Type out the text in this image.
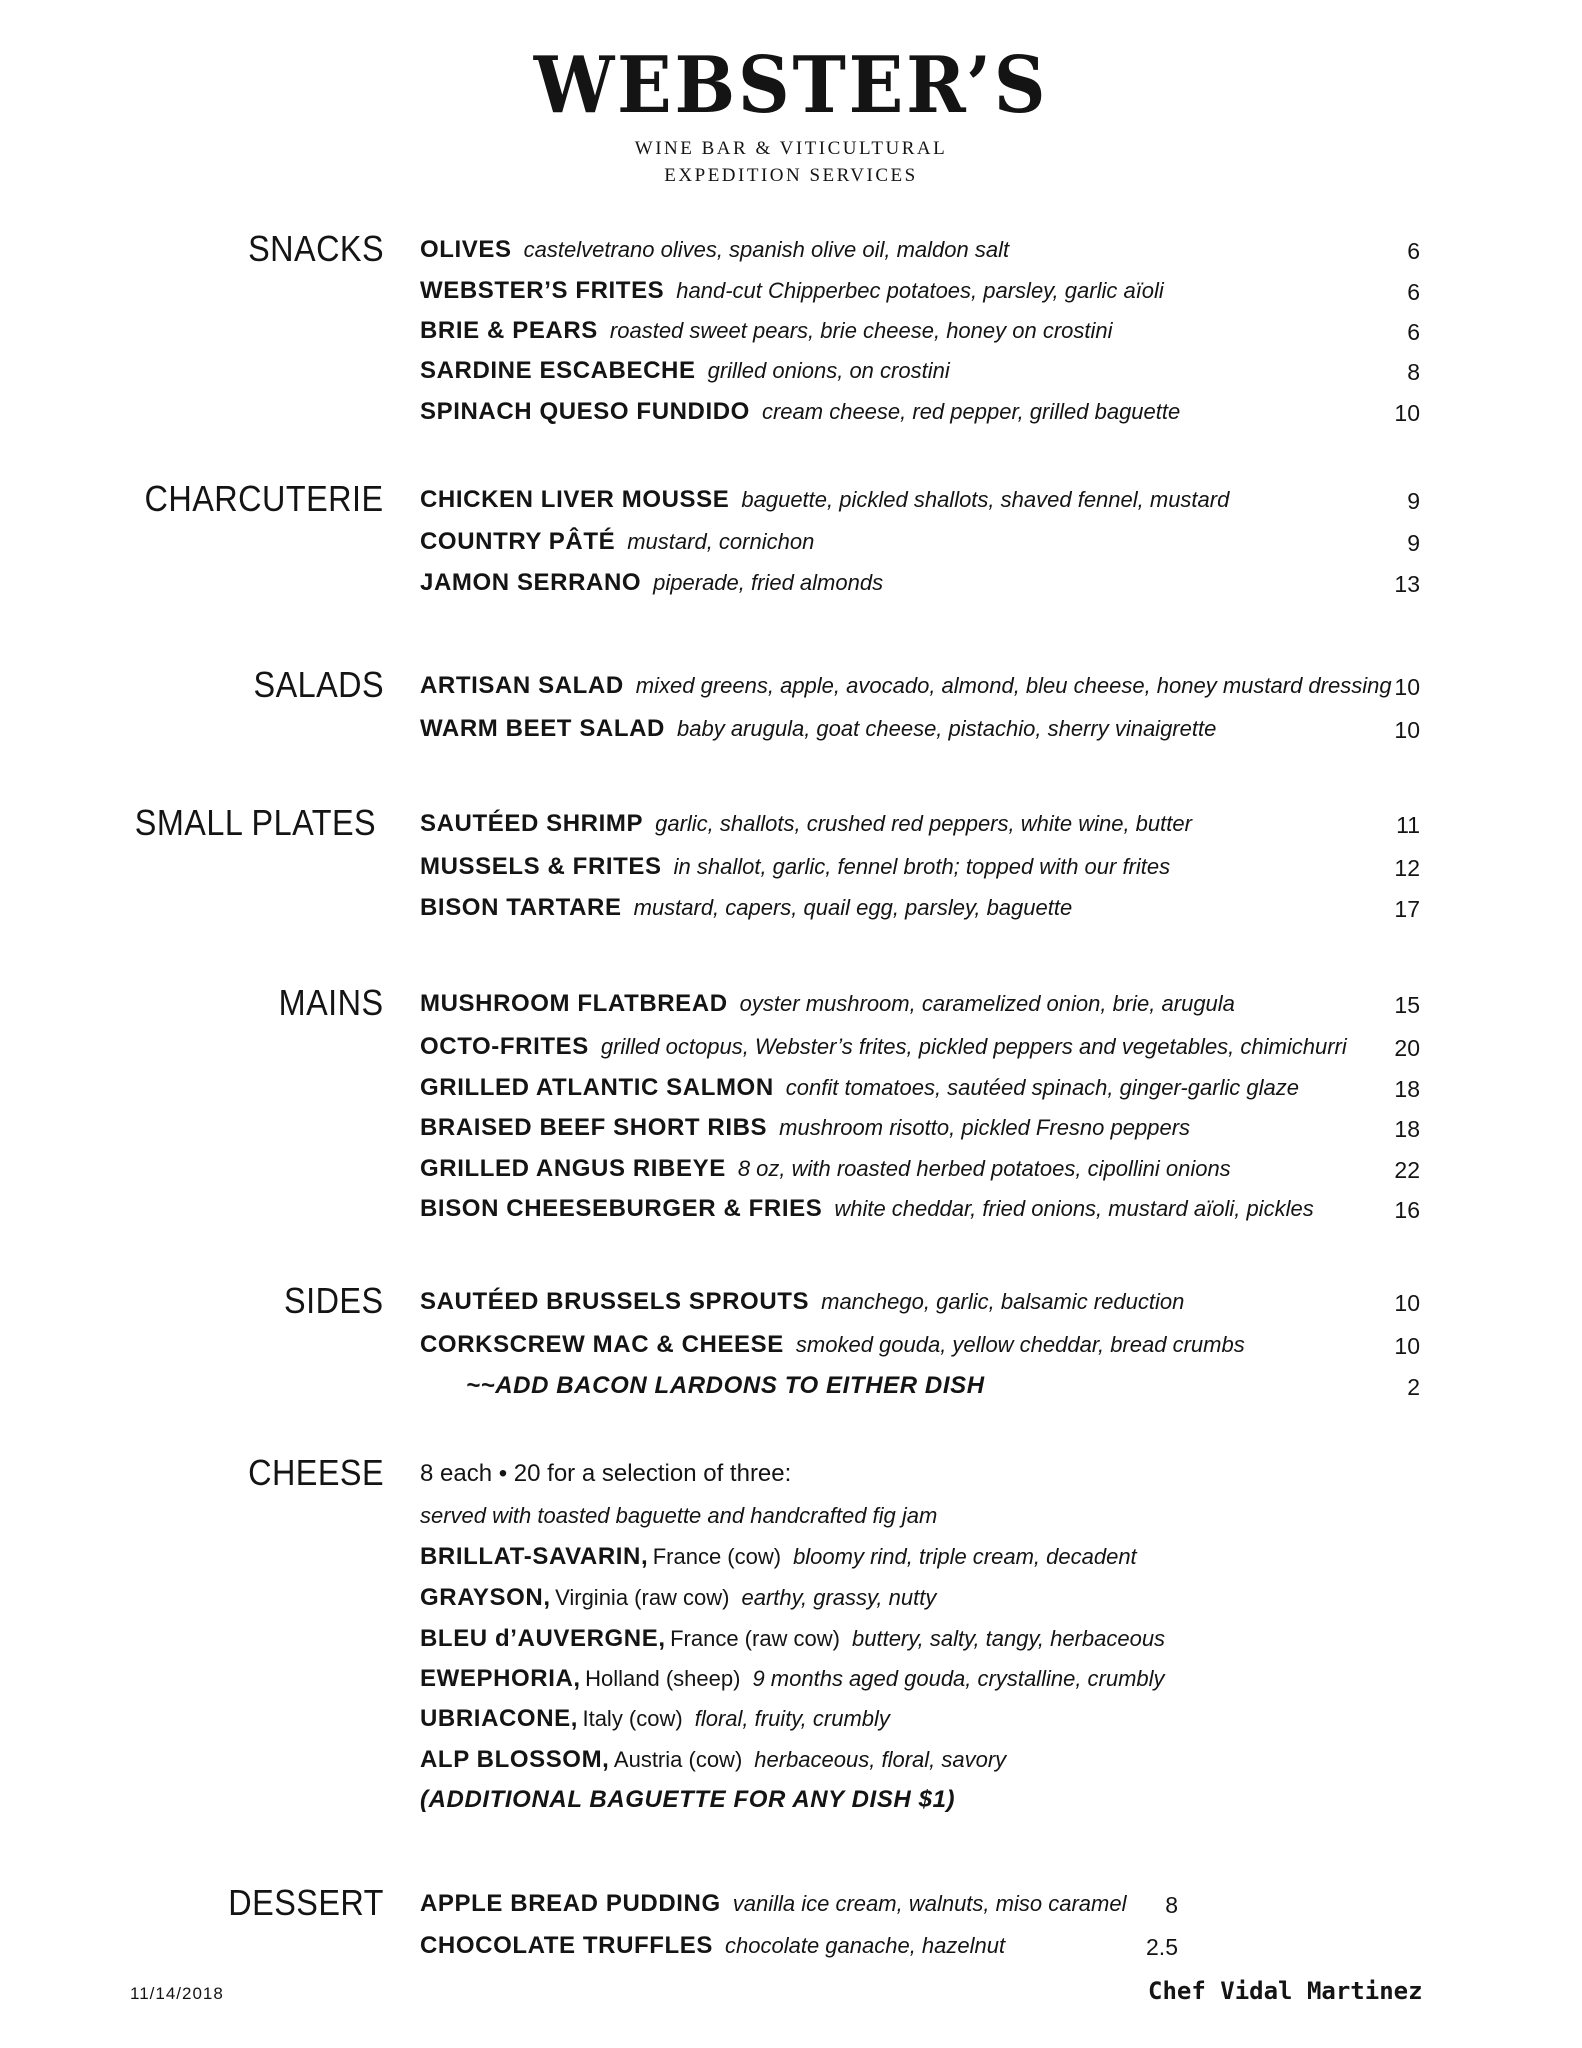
WEBSTER’S
WINE BAR & VITICULTURAL
EXPEDITION SERVICES
SNACKS OLIVES castelvetrano olives, spanish olive oil, maldon salt	6
WEBSTER’S FRITES hand-cut Chipperbec potatoes, parsley, garlic aïoli	6
BRIE & PEARS roasted sweet pears, brie cheese, honey on crostini	6
SARDINE ESCABECHE grilled onions, on crostini	8
SPINACH QUESO FUNDIDO cream cheese, red pepper, grilled baguette	10
CHARCUTERIE CHICKEN LIVER MOUSSE baguette, pickled shallots, shaved fennel, mustard	9
COUNTRY PÂTÉ mustard, cornichon	9
JAMON SERRANO piperade, fried almonds	13
SALADS ARTISAN SALAD mixed greens, apple, avocado, almond, bleu cheese, honey mustard dressing 10
WARM BEET SALAD baby arugula, goat cheese, pistachio, sherry vinaigrette	10
SMALL PLATES SAUTÉED SHRIMP garlic, shallots, crushed red peppers, white wine, butter	11
MUSSELS & FRITES in shallot, garlic, fennel broth; topped with our frites	12
BISON TARTARE mustard, capers, quail egg, parsley, baguette	17
MAINS MUSHROOM FLATBREAD oyster mushroom, caramelized onion, brie, arugula	15
OCTO-FRITES grilled octopus, Webster’s frites, pickled peppers and vegetables, chimichurri 20
GRILLED ATLANTIC SALMON confit tomatoes, sautéed spinach, ginger-garlic glaze	18
BRAISED BEEF SHORT RIBS mushroom risotto, pickled Fresno peppers	18
GRILLED ANGUS RIBEYE 8 oz, with roasted herbed potatoes, cipollini onions	22
BISON CHEESEBURGER & FRIES white cheddar, fried onions, mustard aïoli, pickles	16
SIDES SAUTÉED BRUSSELS SPROUTS manchego, garlic, balsamic reduction	10
CORKSCREW MAC & CHEESE smoked gouda, yellow cheddar, bread crumbs	10
~~ADD BACON LARDONS TO EITHER DISH	2
CHEESE 8 each • 20 for a selection of three:
served with toasted baguette and handcrafted fig jam
BRILLAT-SAVARIN, France (cow) bloomy rind, triple cream, decadent
GRAYSON, Virginia (raw cow) earthy, grassy, nutty
BLEU d’AUVERGNE, France (raw cow) buttery, salty, tangy, herbaceous
EWEPHORIA, Holland (sheep) 9 months aged gouda, crystalline, crumbly
UBRIACONE, Italy (cow) floral, fruity, crumbly
ALP BLOSSOM, Austria (cow) herbaceous, floral, savory
(ADDITIONAL BAGUETTE FOR ANY DISH $1)
DESSERT APPLE BREAD PUDDING vanilla ice cream, walnuts, miso caramel 8
CHOCOLATE TRUFFLES chocolate ganache, hazelnut	2.5
11/14/2018	Chef Vidal Martinez
